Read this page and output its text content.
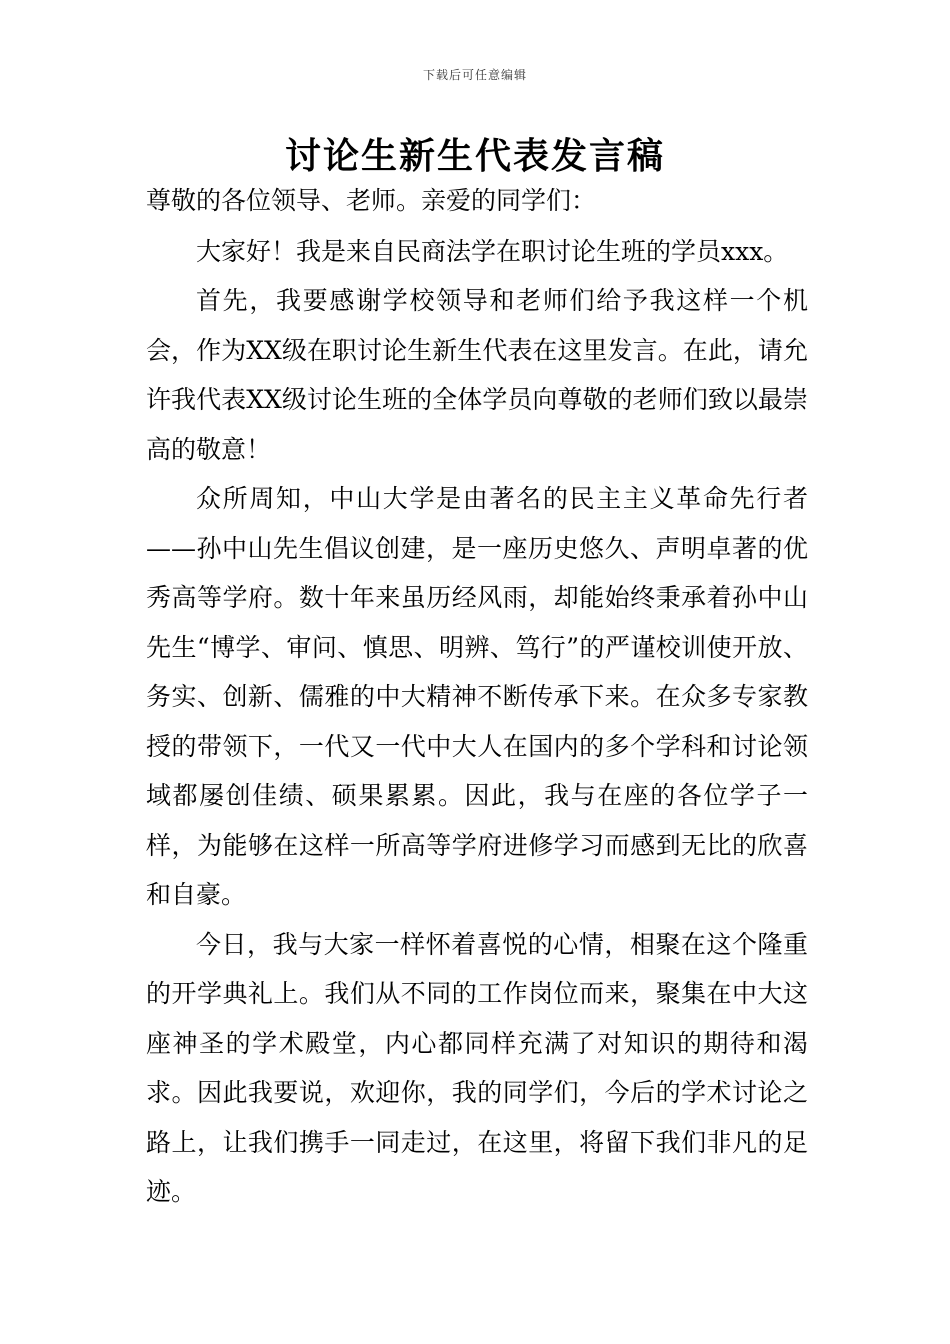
下载后可任意编辑
讨论生新生代表发言稿

尊敬的各位领导、老师。亲爱的同学们：

大家好！我是来自民商法学在职讨论生班的学员xxx。

首先，我要感谢学校领导和老师们给予我这样一个机会，作为XX级在职讨论生新生代表在这里发言。在此，请允许我代表XX级讨论生班的全体学员向尊敬的老师们致以最崇高的敬意！

众所周知，中山大学是由著名的民主主义革命先行者——孙中山先生倡议创建，是一座历史悠久、声明卓著的优秀高等学府。数十年来虽历经风雨，却能始终秉承着孙中山先生“博学、审问、慎思、明辨、笃行”的严谨校训使开放、务实、创新、儒雅的中大精神不断传承下来。在众多专家教授的带领下，一代又一代中大人在国内的多个学科和讨论领域都屡创佳绩、硕果累累。因此，我与在座的各位学子一样，为能够在这样一所高等学府进修学习而感到无比的欣喜和自豪。

今日，我与大家一样怀着喜悦的心情，相聚在这个隆重的开学典礼上。我们从不同的工作岗位而来，聚集在中大这座神圣的学术殿堂，内心都同样充满了对知识的期待和渴求。因此我要说，欢迎你，我的同学们，今后的学术讨论之路上，让我们携手一同走过，在这里，将留下我们非凡的足迹。
